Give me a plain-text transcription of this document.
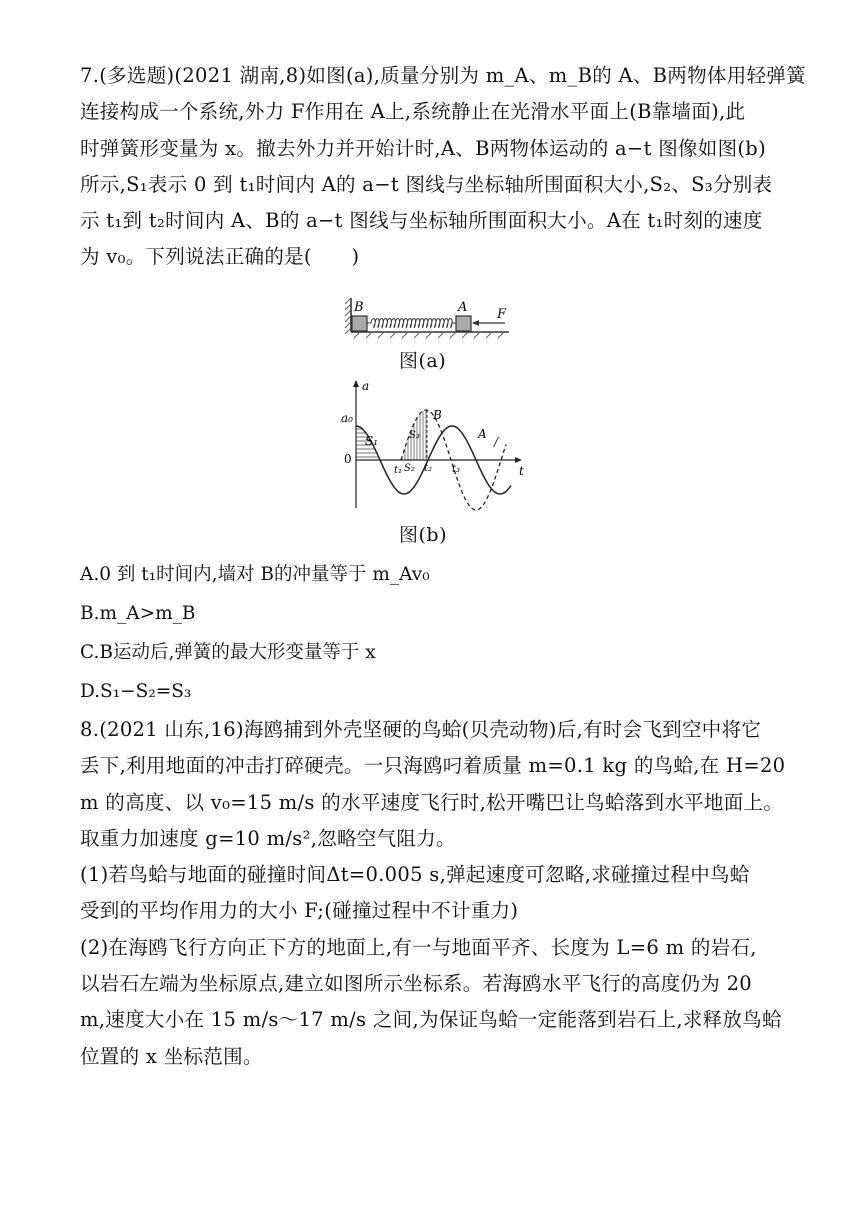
7.(多选题)(2021 湖南,8)如图(a),质量分别为 m_A、m_B的 A、B两物体用轻弹簧
连接构成一个系统,外力 F作用在 A上,系统静止在光滑水平面上(B靠墙面),此
时弹簧形变量为 x。撤去外力并开始计时,A、B两物体运动的 a−t 图像如图(b)
所示,S₁表示 0 到 t₁时间内 A的 a−t 图线与坐标轴所围面积大小,S₂、S₃分别表
示 t₁到 t₂时间内 A、B的 a−t 图线与坐标轴所围面积大小。A在 t₁时刻的速度
为 v₀。下列说法正确的是(　　)
B	A F
图(a)
a
t
0
a₀
S₁
S₂
S₃
t₁ t₂ t₃
B
A
/
图(b)
A.0 到 t₁时间内,墙对 B的冲量等于 m_Av₀
B.m_A>m_B
C.B运动后,弹簧的最大形变量等于 x
D.S₁−S₂=S₃
8.(2021 山东,16)海鸥捕到外壳坚硬的鸟蛤(贝壳动物)后,有时会飞到空中将它
丢下,利用地面的冲击打碎硬壳。一只海鸥叼着质量 m=0.1 kg 的鸟蛤,在 H=20
m 的高度、以 v₀=15 m/s 的水平速度飞行时,松开嘴巴让鸟蛤落到水平地面上。
取重力加速度 g=10 m/s²,忽略空气阻力。
(1)若鸟蛤与地面的碰撞时间Δt=0.005 s,弹起速度可忽略,求碰撞过程中鸟蛤
受到的平均作用力的大小 F;(碰撞过程中不计重力)
(2)在海鸥飞行方向正下方的地面上,有一与地面平齐、长度为 L=6 m 的岩石,
以岩石左端为坐标原点,建立如图所示坐标系。若海鸥水平飞行的高度仍为 20
m,速度大小在 15 m/s～17 m/s 之间,为保证鸟蛤一定能落到岩石上,求释放鸟蛤
位置的 x 坐标范围。
